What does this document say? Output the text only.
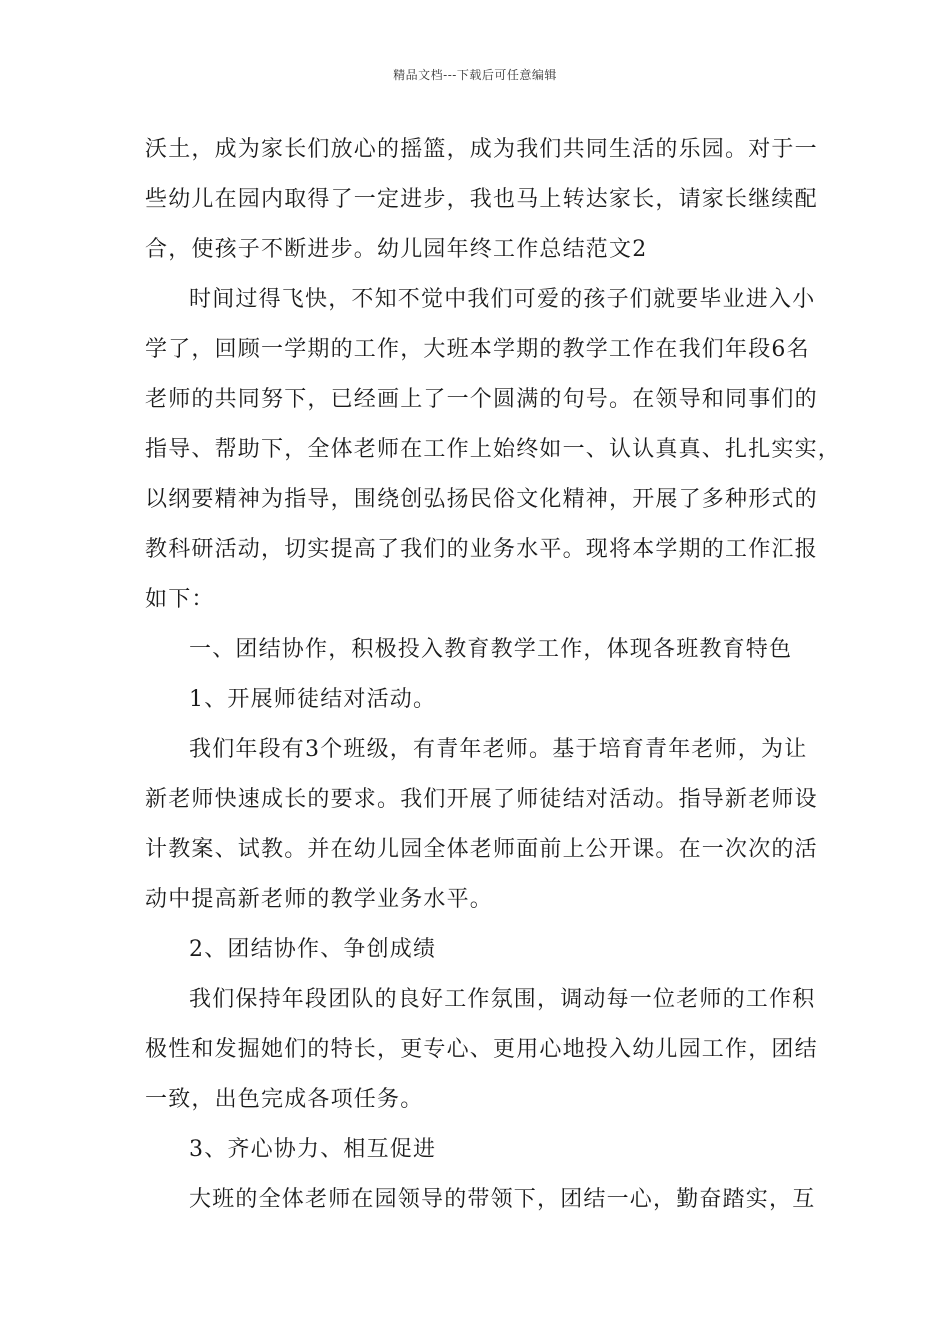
精品文档---下载后可任意编辑
沃土，成为家长们放心的摇篮，成为我们共同生活的乐园。对于一
些幼儿在园内取得了一定进步，我也马上转达家长，请家长继续配
合，使孩子不断进步。幼儿园年终工作总结范文2
时间过得飞快，不知不觉中我们可爱的孩子们就要毕业进入小
学了，回顾一学期的工作，大班本学期的教学工作在我们年段6名
老师的共同努下，已经画上了一个圆满的句号。在领导和同事们的
指导、帮助下，全体老师在工作上始终如一、认认真真、扎扎实实，
以纲要精神为指导，围绕创弘扬民俗文化精神，开展了多种形式的
教科研活动，切实提高了我们的业务水平。现将本学期的工作汇报
如下：
一、团结协作，积极投入教育教学工作，体现各班教育特色
1、开展师徒结对活动。
我们年段有3个班级，有青年老师。基于培育青年老师，为让
新老师快速成长的要求。我们开展了师徒结对活动。指导新老师设
计教案、试教。并在幼儿园全体老师面前上公开课。在一次次的活
动中提高新老师的教学业务水平。
2、团结协作、争创成绩
我们保持年段团队的良好工作氛围，调动每一位老师的工作积
极性和发掘她们的特长，更专心、更用心地投入幼儿园工作，团结
一致，出色完成各项任务。
3、齐心协力、相互促进
大班的全体老师在园领导的带领下，团结一心，勤奋踏实，互
